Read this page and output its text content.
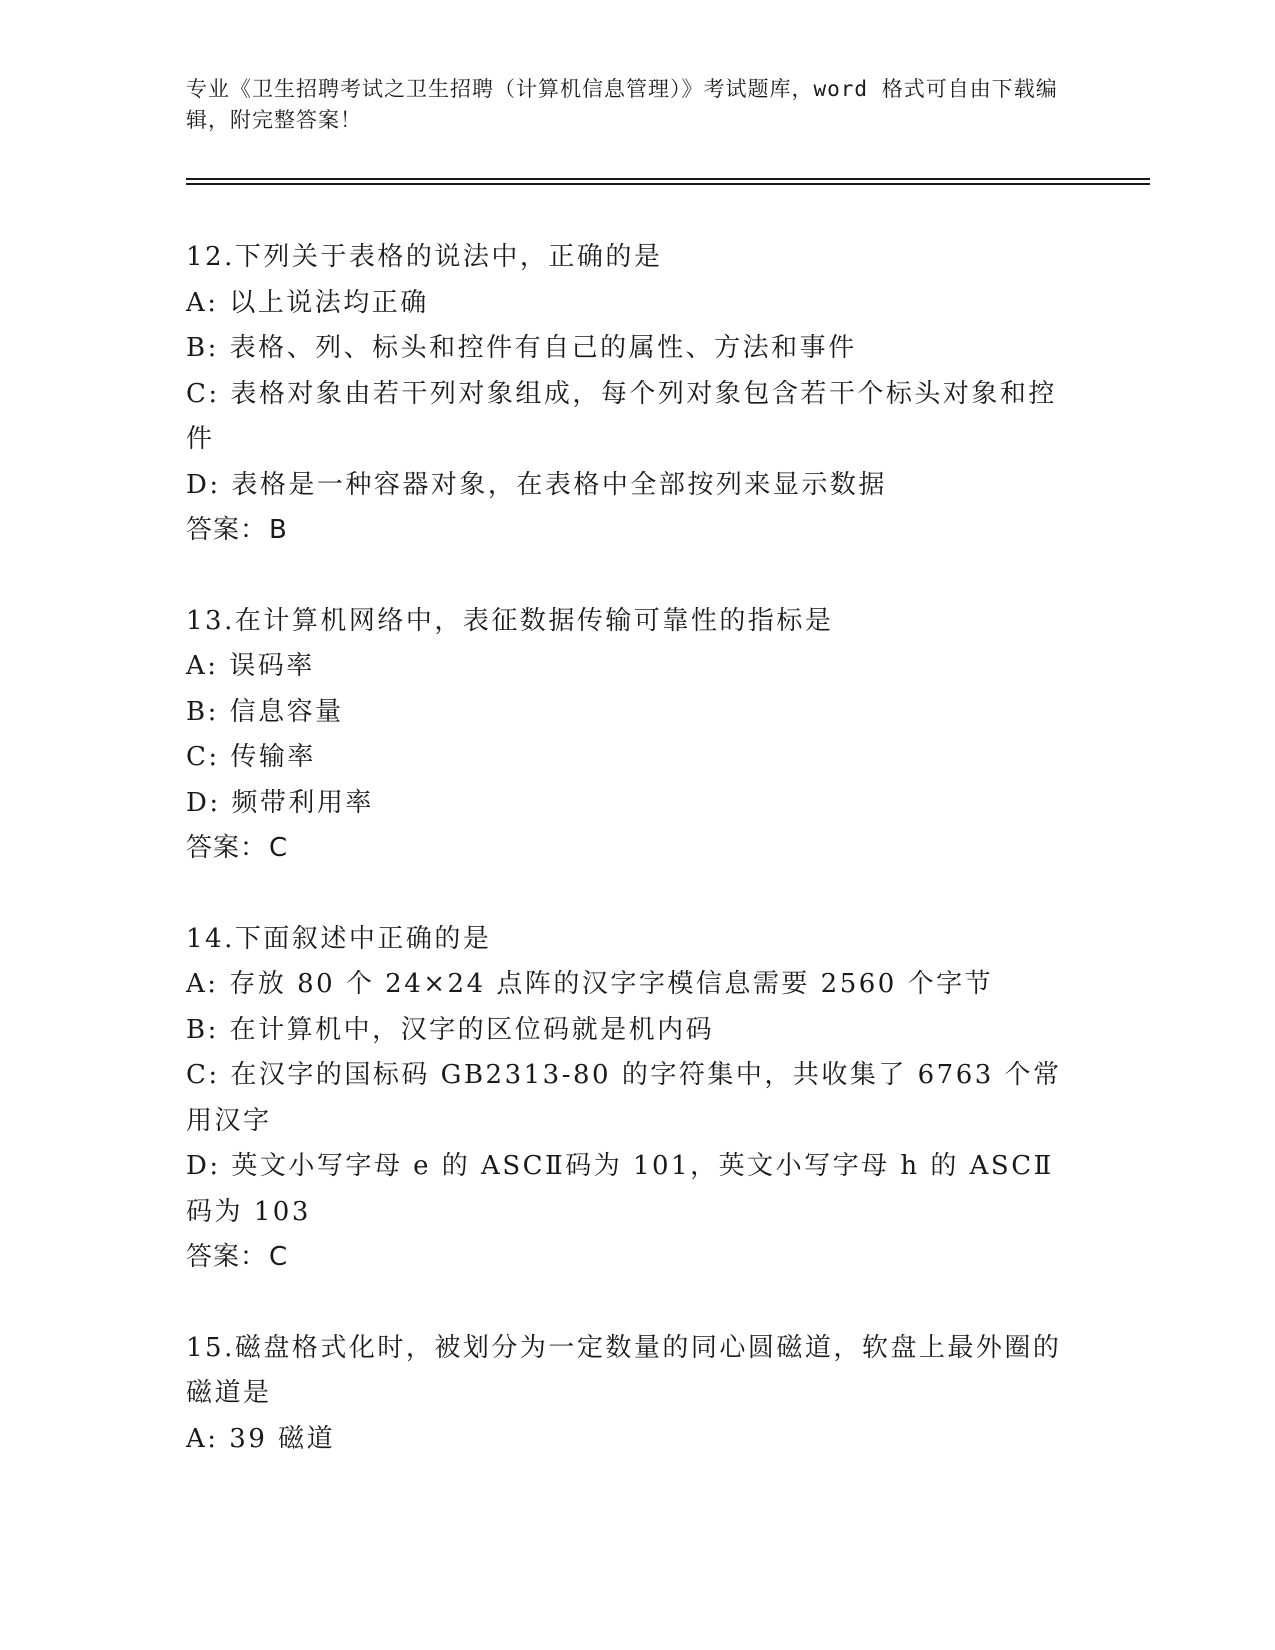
专业《卫生招聘考试之卫生招聘（计算机信息管理）》考试题库，word 格式可自由下载编辑，附完整答案！
12.下列关于表格的说法中，正确的是
A: 以上说法均正确
B: 表格、列、标头和控件有自己的属性、方法和事件
C: 表格对象由若干列对象组成，每个列对象包含若干个标头对象和控件
D: 表格是一种容器对象，在表格中全部按列来显示数据
答案：B
13.在计算机网络中，表征数据传输可靠性的指标是
A: 误码率
B: 信息容量
C: 传输率
D: 频带利用率
答案：C
14.下面叙述中正确的是
A: 存放 80 个 24×24 点阵的汉字字模信息需要 2560 个字节
B: 在计算机中，汉字的区位码就是机内码
C: 在汉字的国标码 GB2313-80 的字符集中，共收集了 6763 个常用汉字
D: 英文小写字母 e 的 ASCⅡ码为 101，英文小写字母 h 的 ASCⅡ码为 103
答案：C
15.磁盘格式化时，被划分为一定数量的同心圆磁道，软盘上最外圈的磁道是
A: 39 磁道
